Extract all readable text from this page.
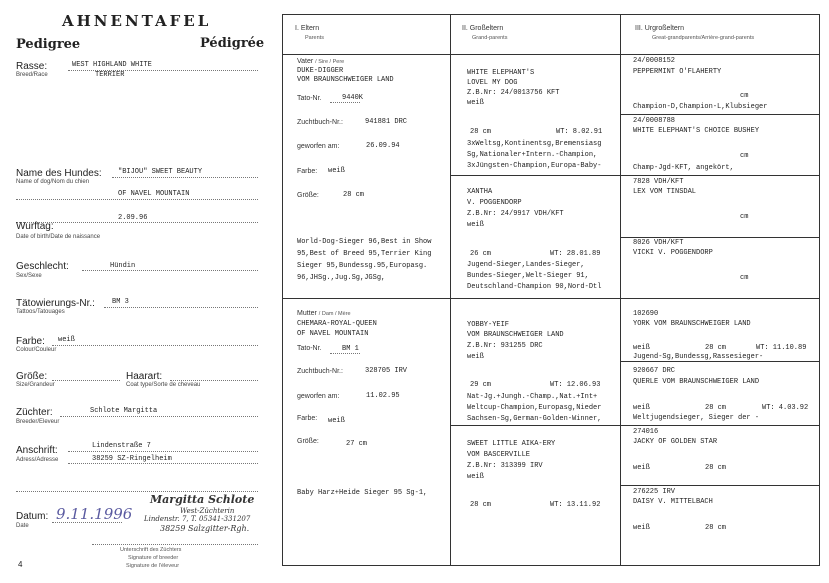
AHNENTAFEL
Pedigree	Pédigrée
Rasse:
Breed/Race
WEST HIGHLAND WHITE
TERRIER
Name des Hundes:
Name of dog/Nom du chien
"BIJOU" SWEET BEAUTY
OF NAVEL MOUNTAIN
2.09.96
Wurftag:
Date of birth/Date de naissance
Geschlecht:
Sex/Sexe
Hündin
Tätowierungs-Nr.:
Tattoos/Tatouages
BM 3
Farbe:
Colour/Couleur
weiß
Größe:
Size/Grandeur
Haarart:
Coat type/Sorte de cheveau
Züchter:
Breeder/Eleveur
Schlote Margitta
Anschrift:
Adress/Adresse
Lindenstraße 7
38259 SZ-Ringelheim
Datum:
Date
9.11.1996
Margitta Schlote
West-Züchterin
Lindenstr. 7, T. 05341-331207
38259 Salzgitter-Rgh.
Unterschrift des Züchters
Signature of breeder
Signature de l'éleveur
4
I. Eltern
Parents
II. Großeltern
Grand-parents
III. Urgroßeltern
Great-grandparents/Arrière-grand-parents
Vater / Sire / Pere
DUKE-DIGGER
VOM BRAUNSCHWEIGER LAND
Tato-Nr.	9440K
Zuchtbuch-Nr.:	941881 DRC
geworfen am:	26.09.94
Farbe: weiß
Größe:	28 cm
World-Dog-Sieger 96,Best in Show
95,Best of Breed 95,Terrier King
Sieger 95,Bundessg.95,Europasg.
96,JHSg.,Jug.Sg,JGSg,
Mutter / Dam / Mère
CHEMARA-ROYAL-QUEEN
OF NAVEL MOUNTAIN
Tato-Nr.	BM 1
Zuchtbuch-Nr.:	328705 IRV
geworfen am:	11.02.95
Farbe: weiß
Größe:	27 cm
Baby Harz+Heide Sieger 95 Sg-1,
WHITE ELEPHANT'S
LOVEL MY DOG
Z.B.Nr: 24/0013756 KFT
weiß
28 cm	WT: 8.02.91
3xWeltsg,Kontinentsg,Bremensiasg
Sg,Nationaler+Intern.-Champion,
3xJüngsten-Champion,Europa-Baby-
XANTHA
V. POGGENDORP
Z.B.Nr: 24/9917 VDH/KFT
weiß
26 cm	WT: 28.01.89
Jugend-Sieger,Landes-Sieger,
Bundes-Sieger,Welt-Sieger 91,
Deutschland-Champion 90,Nord-Dtl
YOBBY-YEIF
VOM BRAUNSCHWEIGER LAND
Z.B.Nr: 931255 DRC
weiß
29 cm	WT: 12.06.93
Nat-Jg.+Jungh.-Champ.,Nat.+Int+
Weltcup-Champion,Europasg,Nieder
Sachsen-Sg,German-Golden-Winner,
SWEET LITTLE AIKA-ERY
VOM BASCERVILLE
Z.B.Nr: 313399 IRV
weiß
28 cm	WT: 13.11.92
24/0008152
PEPPERMINT O'FLAHERTY
cm
Champion-D,Champion-L,Klubsieger
24/0008788
WHITE ELEPHANT'S CHOICE BUSHEY
cm
Champ-Jgd-KFT, angekört,
7828 VDH/KFT
LEX VOM TINSDAL
cm
8026 VDH/KFT
VICKI V. POGGENDORP
cm
102690
YORK VOM BRAUNSCHWEIGER LAND
weiß	28 cm	WT: 11.10.89
Jugend-Sg,Bundessg,Rassesieger-
920667 DRC
QUERLE VOM BRAUNSCHWEIGER LAND
weiß	28 cm	WT: 4.03.92
Weltjugendsieger, Sieger der -
274016
JACKY OF GOLDEN STAR
weiß	28 cm
276225 IRV
DAISY V. MITTELBACH
weiß	28 cm
